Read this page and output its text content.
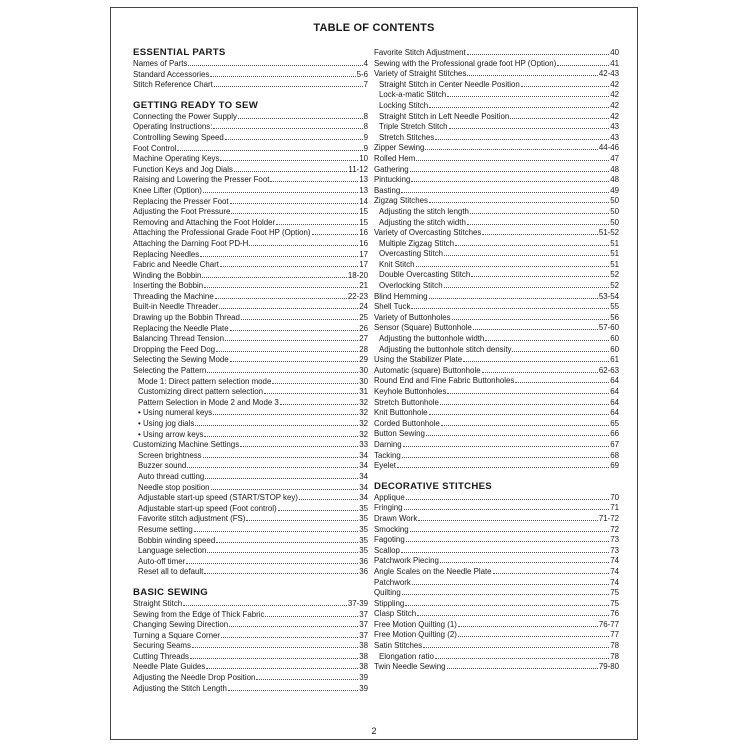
TABLE OF CONTENTS
ESSENTIAL PARTS
Names of Parts	4
Standard Accessories	5-6
Stitch Reference Chart	7
GETTING READY TO SEW
Connecting the Power Supply	8
Operating Instructions:	8
Controlling Sewing Speed	9
Foot Control	9
Machine Operating Keys	10
Function Keys and Jog Dials	11-12
Raising and Lowering the Presser Foot	13
Knee Lifter (Option)	13
Replacing the Presser Foot	14
Adjusting the Foot Pressure	15
Removing and Attaching the Foot Holder	15
Attaching the Professional Grade Foot HP (Option)	16
Attaching the Darning Foot PD-H	16
Replacing Needles	17
Fabric and Needle Chart	17
Winding the Bobbin	18-20
Inserting the Bobbin	21
Threading the Machine	22-23
Built-in Needle Threader	24
Drawing up the Bobbin Thread	25
Replacing the Needle Plate	26
Balancing Thread Tension	27
Dropping the Feed Dog	28
Selecting the Sewing Mode	29
Selecting the Pattern	30
Mode 1: Direct pattern selection mode	30
Customizing direct pattern selection	31
Pattern Selection in Mode 2 and Mode 3	32
• Using numeral keys	32
• Using jog dials	32
• Using arrow keys	32
Customizing Machine Settings	33
Screen brightness	34
Buzzer sound	34
Auto thread cutting	34
Needle stop position	34
Adjustable start-up speed (START/STOP key)	34
Adjustable start-up speed (Foot control)	35
Favorite stitch adjustment (FS)	35
Resume setting	35
Bobbin winding speed	35
Language selection	35
Auto-off timer	36
Reset all to default	36
BASIC SEWING
Straight Stitch	37-39
Sewing from the Edge of Thick Fabric	37
Changing Sewing Direction	37
Turning a Square Corner	37
Securing Seams	38
Cutting Threads	38
Needle Plate Guides	38
Adjusting the Needle Drop Position	39
Adjusting the Stitch Length	39
Favorite Stitch Adjustment	40
Sewing with the Professional grade foot HP (Option)	41
Variety of Straight Stitches	42-43
Straight Stitch in Center Needle Position	42
Lock-a-matic Stitch	42
Locking Stitch	42
Straight Stitch in Left Needle Position	42
Triple Stretch Stitch	43
Stretch Stitches	43
Zipper Sewing	44-46
Rolled Hem	47
Gathering	48
Pintucking	48
Basting	49
Zigzag Stitches	50
Adjusting the stitch length	50
Adjusting the stitch width	50
Variety of Overcasting Stitches	51-52
Multiple Zigzag Stitch	51
Overcasting Stitch	51
Knit Stitch	51
Double Overcasting Stitch	52
Overlocking Stitch	52
Blind Hemming	53-54
Shell Tuck	55
Variety of Buttonholes	56
Sensor (Square) Buttonhole	57-60
Adjusting the buttonhole width	60
Adjusting the buttonhole stitch density	60
Using the Stabilizer Plate	61
Automatic (square) Buttonhole	62-63
Round End and Fine Fabric Buttonholes	64
Keyhole Buttonholes	64
Stretch Buttonhole	64
Knit Buttonhole	64
Corded Buttonhole	65
Button Sewing	66
Darning	67
Tacking	68
Eyelet	69
DECORATIVE STITCHES
Applique	70
Fringing	71
Drawn Work	71-72
Smocking	72
Fagoting	73
Scallop	73
Patchwork Piecing	74
Angle Scales on the Needle Plate	74
Patchwork	74
Quilting	75
Stippling	75
Clasp Stitch	76
Free Motion Quilting (1)	76-77
Free Motion Quilting (2)	77
Satin Stitches	78
Elongation ratio	78
Twin Needle Sewing	79-80
2
